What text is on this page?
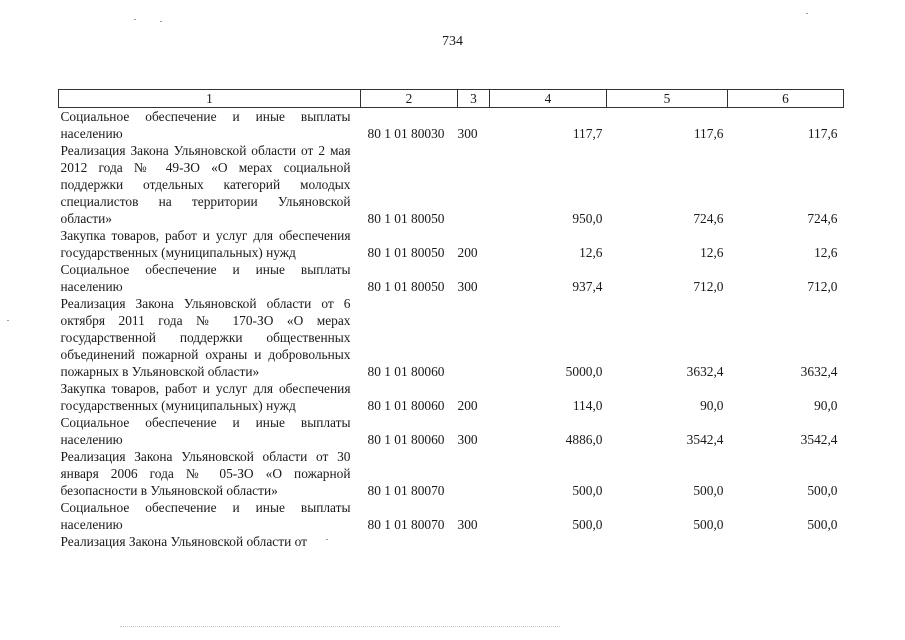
734
1	2	3	4	5	6
Социальное обеспечение и иные выплаты населению	80 1 01 80030	300	117,7	117,6	117,6
Реализация Закона Ульяновской области от 2 мая 2012 года № 49-ЗО «О мерах социальной поддержки отдельных категорий молодых специалистов на территории Ульяновской области»	80 1 01 80050		950,0	724,6	724,6
Закупка товаров, работ и услуг для обеспечения государственных (муниципальных) нужд	80 1 01 80050	200	12,6	12,6	12,6
Социальное обеспечение и иные выплаты населению	80 1 01 80050	300	937,4	712,0	712,0
Реализация Закона Ульяновской области от 6 октября 2011 года № 170-ЗО «О мерах государственной поддержки общественных объединений пожарной охраны и добровольных пожарных в Ульяновской области»	80 1 01 80060		5000,0	3632,4	3632,4
Закупка товаров, работ и услуг для обеспечения государственных (муниципальных) нужд	80 1 01 80060	200	114,0	90,0	90,0
Социальное обеспечение и иные выплаты населению	80 1 01 80060	300	4886,0	3542,4	3542,4
Реализация Закона Ульяновской области от 30 января 2006 года № 05-ЗО «О пожарной безопасности в Ульяновской области»	80 1 01 80070		500,0	500,0	500,0
Социальное обеспечение и иные выплаты населению	80 1 01 80070	300	500,0	500,0	500,0
Реализация Закона Ульяновской области от					
